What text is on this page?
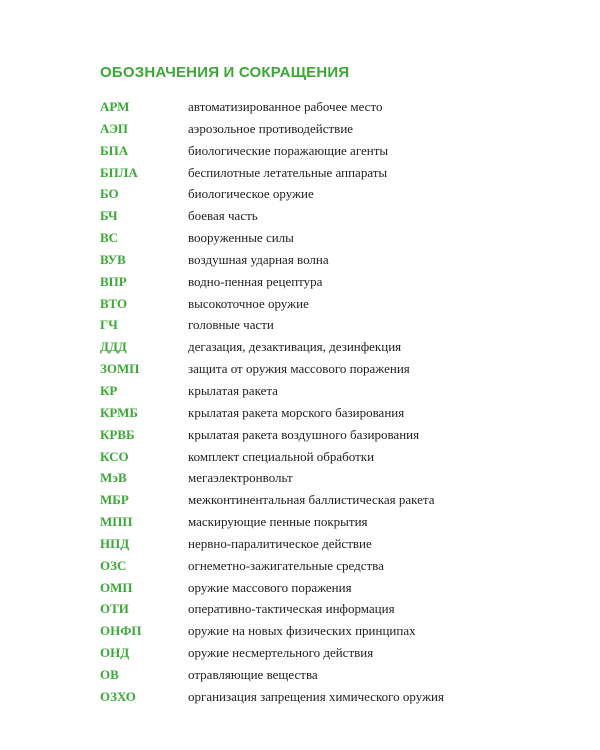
ОБОЗНАЧЕНИЯ И СОКРАЩЕНИЯ
АРМ	автоматизированное рабочее место
АЭП	аэрозольное противодействие
БПА	биологические поражающие агенты
БПЛА	беспилотные летательные аппараты
БО	биологическое оружие
БЧ	боевая часть
ВС	вооруженные силы
ВУВ	воздушная ударная волна
ВПР	водно-пенная рецептура
ВТО	высокоточное оружие
ГЧ	головные части
ДДД	дегазация, дезактивация, дезинфекция
ЗОМП	защита от оружия массового поражения
КР	крылатая ракета
КРМБ	крылатая ракета морского базирования
КРВБ	крылатая ракета воздушного базирования
КСО	комплект специальной обработки
МэВ	мегаэлектронвольт
МБР	межконтинентальная баллистическая ракета
МПП	маскирующие пенные покрытия
НПД	нервно-паралитическое действие
ОЗС	огнеметно-зажигательные средства
ОМП	оружие массового поражения
ОТИ	оперативно-тактическая информация
ОНФП	оружие на новых физических принципах
ОНД	оружие несмертельного действия
ОВ	отравляющие вещества
ОЗХО	организация запрещения химического оружия
